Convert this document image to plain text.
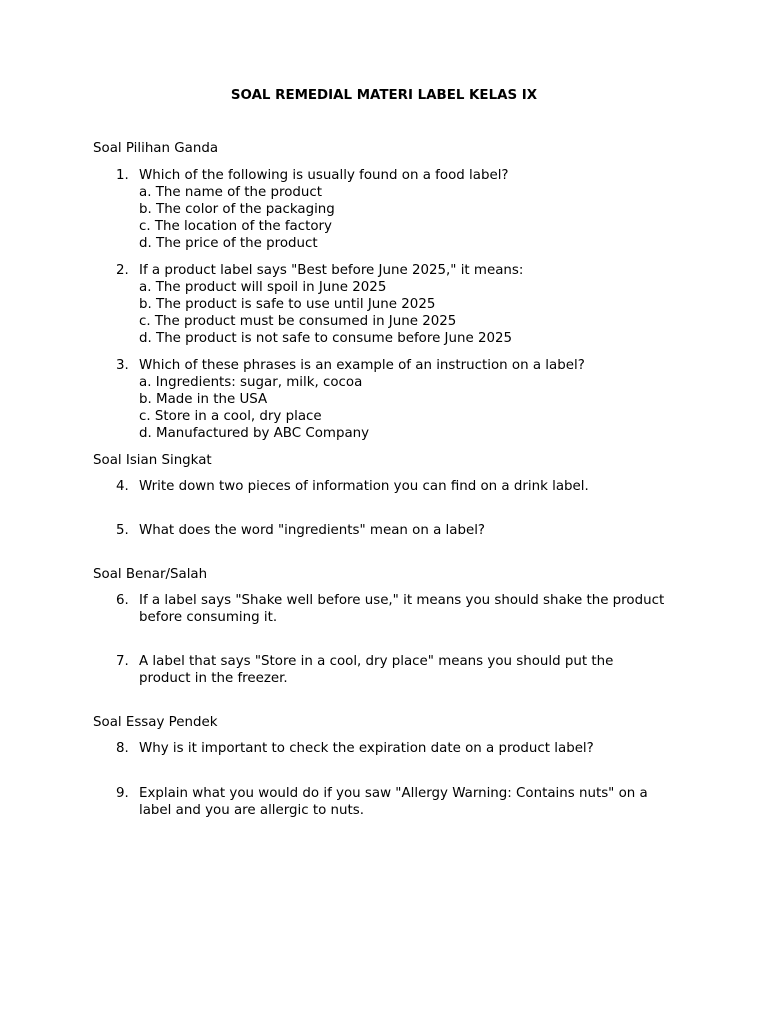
SOAL REMEDIAL MATERI LABEL KELAS IX
Soal Pilihan Ganda
1. Which of the following is usually found on a food label?
a. The name of the product
b. The color of the packaging
c. The location of the factory
d. The price of the product
2. If a product label says "Best before June 2025," it means:
a. The product will spoil in June 2025
b. The product is safe to use until June 2025
c. The product must be consumed in June 2025
d. The product is not safe to consume before June 2025
3. Which of these phrases is an example of an instruction on a label?
a. Ingredients: sugar, milk, cocoa
b. Made in the USA
c. Store in a cool, dry place
d. Manufactured by ABC Company
Soal Isian Singkat
4. Write down two pieces of information you can find on a drink label.
5. What does the word "ingredients" mean on a label?
Soal Benar/Salah
6. If a label says "Shake well before use," it means you should shake the product
before consuming it.
7. A label that says "Store in a cool, dry place" means you should put the
product in the freezer.
Soal Essay Pendek
8. Why is it important to check the expiration date on a product label?
9. Explain what you would do if you saw "Allergy Warning: Contains nuts" on a
label and you are allergic to nuts.
